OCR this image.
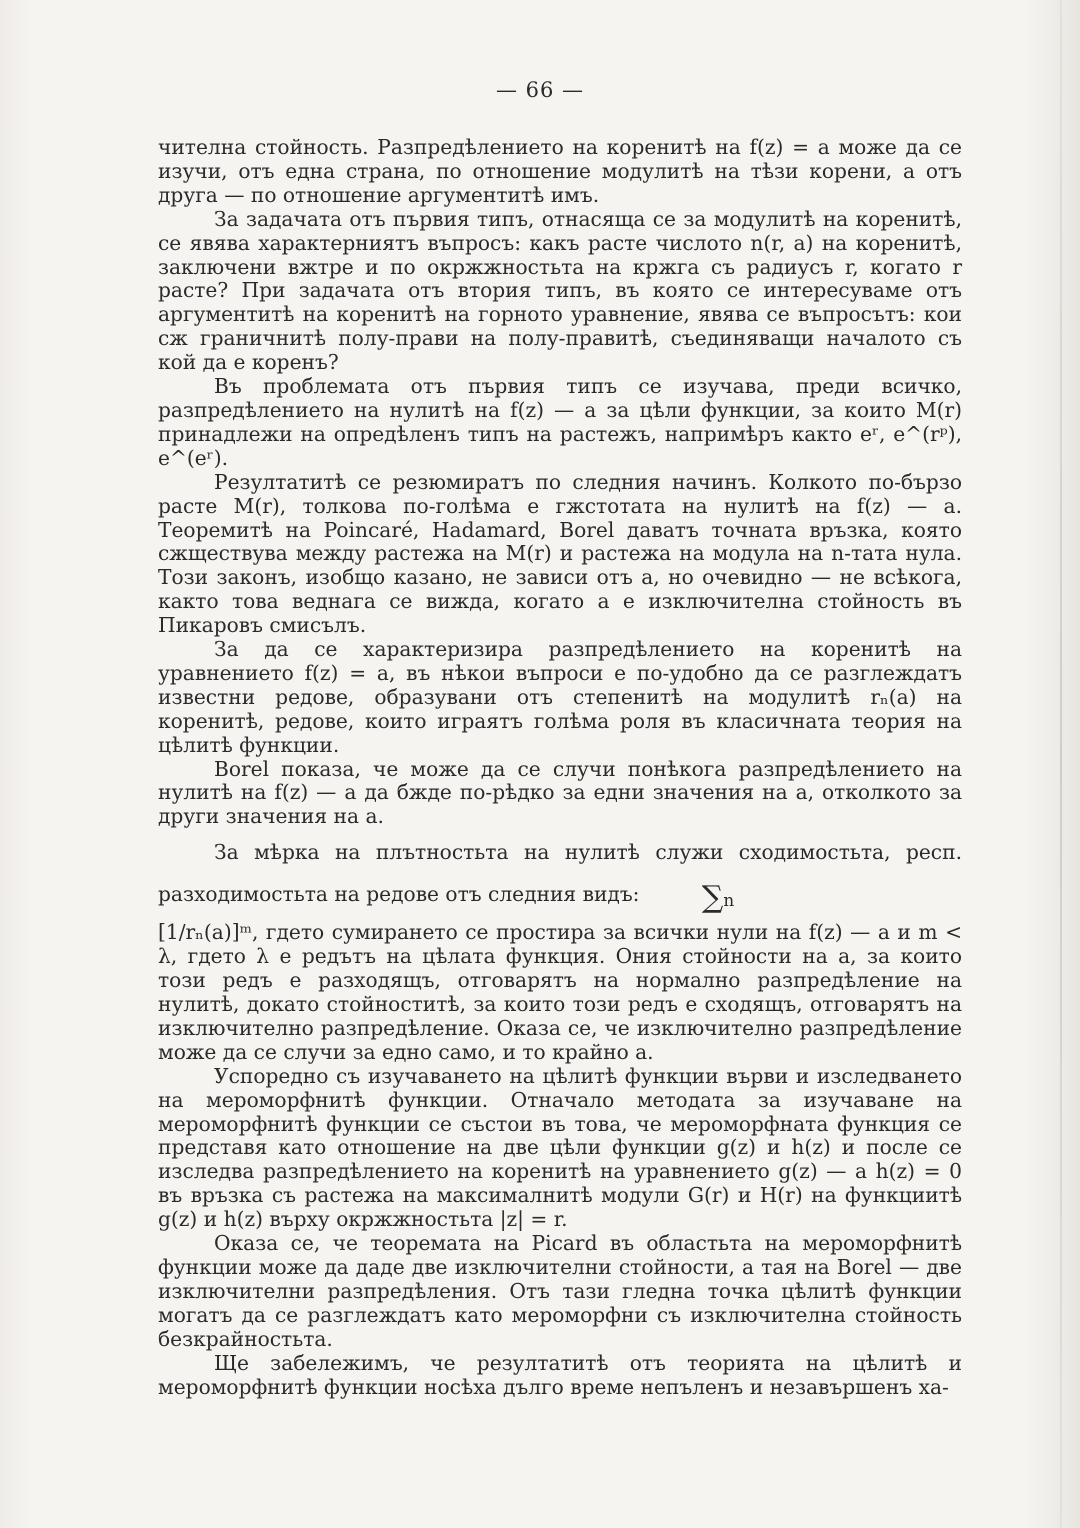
— 66 —

чителна стойность. Разпредѣлението на коренитѣ на f(z) = a може да се изучи, отъ една страна, по отношение модулитѣ на тѣзи корени, а отъ друга — по отношение аргументитѣ имъ.

За задачата отъ първия типъ, отнасяща се за модулитѣ на коренитѣ, се явява характерниятъ въпросъ: какъ расте числото n(r, a) на коренитѣ, заключени вжтре и по окржжностьта на кржга съ радиусъ r, когато r расте? При задачата отъ втория типъ, въ която се интересуваме отъ аргументитѣ на коренитѣ на горното уравнение, явява се въпросътъ: кои сж граничнитѣ полу-прави на полу-правитѣ, съединяващи началото съ кой да е коренъ?

Въ проблемата отъ първия типъ се изучава, преди всичко, разпредѣлението на нулитѣ на f(z) — a за цѣли функции, за които M(r) принадлежи на опредѣленъ типъ на растежъ, напримѣръ както eʳ, e^(rᵖ), e^(eʳ).

Резултатитѣ се резюмиратъ по следния начинъ. Колкото по-бързо расте M(r), толкова по-голѣма е гжстотата на нулитѣ на f(z) — a. Теоремитѣ на Poincaré, Hadamard, Borel даватъ точната връзка, която сжществува между растежа на M(r) и растежа на модула на n-тата нула. Този законъ, изобщо казано, не зависи отъ a, но очевидно — не всѣкога, както това веднага се вижда, когато a е изключителна стойность въ Пикаровъ смисълъ.

За да се характеризира разпредѣлението на коренитѣ на уравнението f(z) = a, въ нѣкои въпроси е по-удобно да се разглеждатъ известни редове, образувани отъ степенитѣ на модулитѣ rₙ(a) на коренитѣ, редове, които играятъ голѣма роля въ класичната теория на цѣлитѣ функции.

Borel показа, че може да се случи понѣкога разпредѣлението на нулитѣ на f(z) — a да бжде по-рѣдко за едни значения на a, отколкото за други значения на a.

За мѣрка на плътностьта на нулитѣ служи сходимостьта, респ. разходимостьта на редове отъ следния видъ: $\sum_n$

[1/rₙ(a)]ᵐ, гдето сумирането се простира за всички нули на f(z) — a и m < λ, гдето λ е редътъ на цѣлата функция. Ония стойности на a, за които този редъ е разходящъ, отговарятъ на нормално разпредѣление на нулитѣ, докато стойноститѣ, за които този редъ е сходящъ, отговарятъ на изключително разпредѣление. Оказа се, че изключително разпредѣление може да се случи за едно само, и то крайно a.

Успоредно съ изучаването на цѣлитѣ функции върви и изследването на мероморфнитѣ функции. Отначало методата за изучаване на мероморфнитѣ функции се състои въ това, че мероморфната функция се представя като отношение на две цѣли функции g(z) и h(z) и после се изследва разпредѣлението на коренитѣ на уравнението g(z) — a h(z) = 0 въ връзка съ растежа на максималнитѣ модули G(r) и H(r) на функциитѣ g(z) и h(z) върху окржжностьта |z| = r.

Оказа се, че теоремата на Picard въ областьта на мероморфнитѣ функции може да даде две изключителни стойности, а тая на Borel — две изключителни разпредѣления. Отъ тази гледна точка цѣлитѣ функции могатъ да се разглеждатъ като мероморфни съ изключителна стойность безкрайностьта.

Ще забележимъ, че резултатитѣ отъ теорията на цѣлитѣ и мероморфнитѣ функции носѣха дълго време непъленъ и незавършенъ ха-
